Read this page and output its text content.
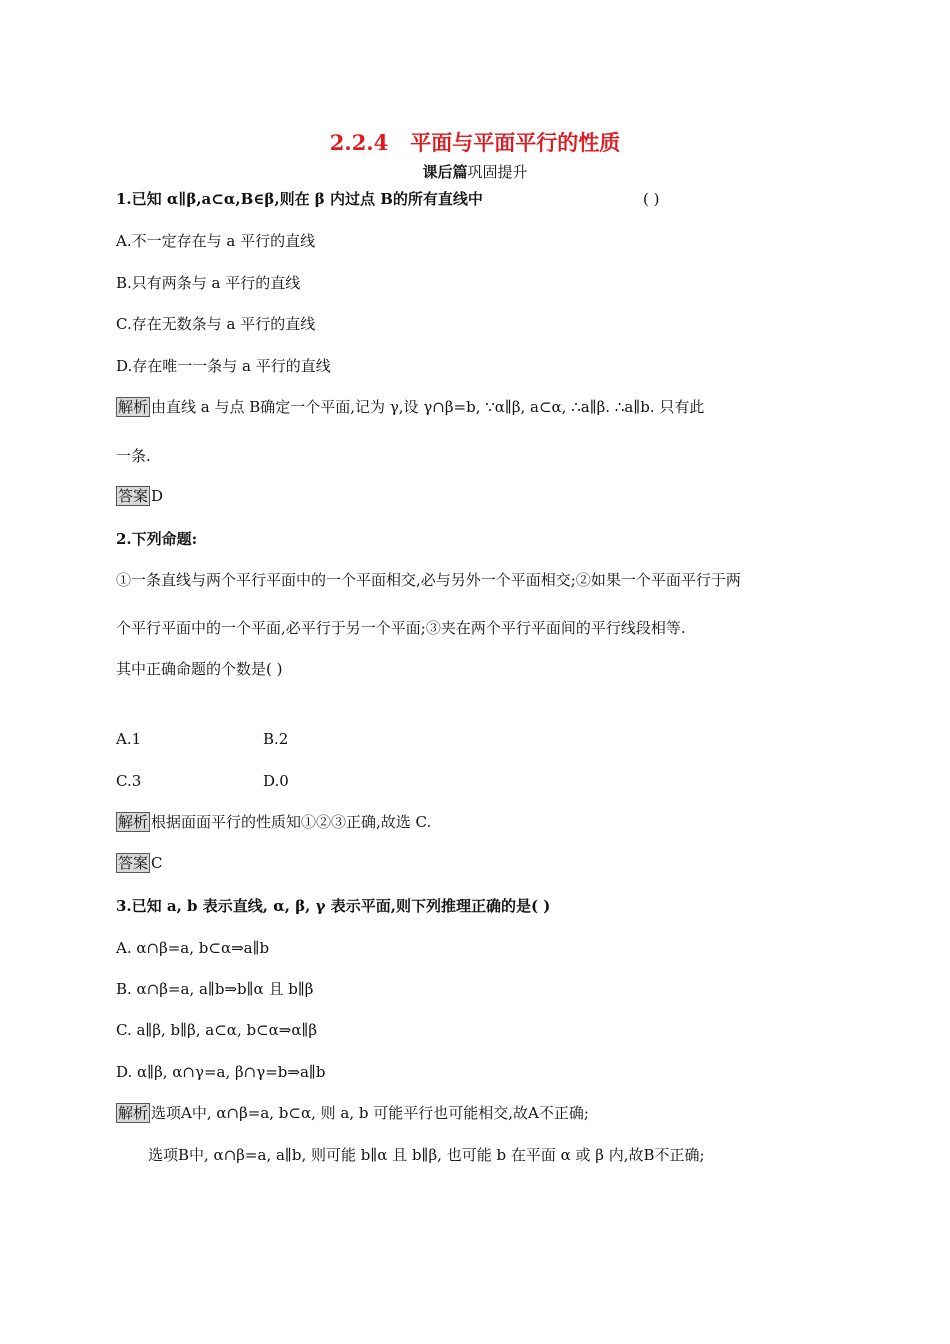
2.2.4 平面与平面平行的性质
课后篇巩固提升
1.已知 α∥β,a⊂α,B∈β,则在 β 内过点 B的所有直线中	( )
A.不一定存在与 a 平行的直线
B.只有两条与 a 平行的直线
C.存在无数条与 a 平行的直线
D.存在唯一一条与 a 平行的直线
解析 由直线 a 与点 B确定一个平面,记为 γ,设 γ∩β=b, ∵α∥β, a⊂α, ∴a∥β. ∴a∥b. 只有此
一条.
答案 D
2.下列命题:
①一条直线与两个平行平面中的一个平面相交,必与另外一个平面相交;②如果一个平面平行于两
个平行平面中的一个平面,必平行于另一个平面;③夹在两个平行平面间的平行线段相等.
其中正确命题的个数是( )
A.1	B.2
C.3	D.0
解析 根据面面平行的性质知①②③正确,故选 C.
答案 C
3.已知 a, b 表示直线, α, β, γ 表示平面,则下列推理正确的是( )
A. α∩β=a, b⊂α⇒a∥b
B. α∩β=a, a∥b⇒b∥α 且 b∥β
C. a∥β, b∥β, a⊂α, b⊂α⇒α∥β
D. α∥β, α∩γ=a, β∩γ=b⇒a∥b
解析 选项A中, α∩β=a, b⊂α, 则 a, b 可能平行也可能相交,故A不正确;
选项B中, α∩β=a, a∥b, 则可能 b∥α 且 b∥β, 也可能 b 在平面 α 或 β 内,故B不正确;
